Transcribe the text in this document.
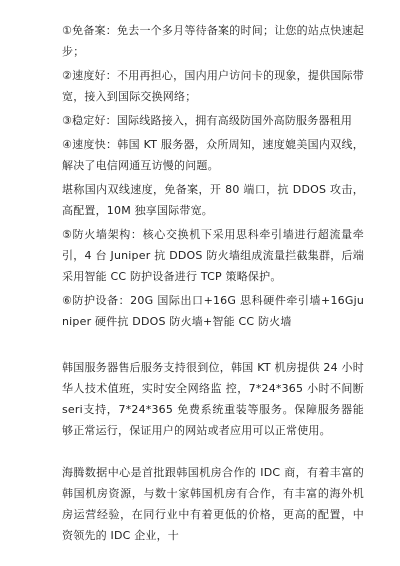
①免备案：免去一个多月等待备案的时间；让您的站点快速起步；

②速度好：不用再担心，国内用户访问卡的现象，提供国际带宽，接入到国际交换网络；

③稳定好：国际线路接入，拥有高级防国外高防服务器租用

④速度快：韩国 KT 服务器，众所周知，速度媲美国内双线，解决了电信网通互访慢的问题。

堪称国内双线速度，免备案，开 80 端口，抗 DDOS 攻击，高配置，10M 独享国际带宽。

⑤防火墙架构：核心交换机下采用思科牵引墙进行超流量牵引，4 台 Juniper 抗 DDOS 防火墙组成流量拦截集群，后端采用智能 CC 防护设备进行 TCP 策略保护。

⑥防护设备：20G 国际出口+16G 思科硬件牵引墙+16Gjuniper 硬件抗 DDOS 防火墙+智能 CC 防火墙

韩国服务器售后服务支持很到位，韩国 KT 机房提供 24 小时华人技术值班，实时安全网络监 控，7*24*365 小时不间断seri支持，7*24*365 免费系统重装等服务。保障服务器能够正常运行，保证用户的网站或者应用可以正常使用。

海腾数据中心是首批跟韩国机房合作的 IDC 商，有着丰富的韩国机房资源，与数十家韩国机房有合作，有丰富的海外机房运营经验，在同行业中有着更低的价格，更高的配置，中资领先的 IDC 企业，十
